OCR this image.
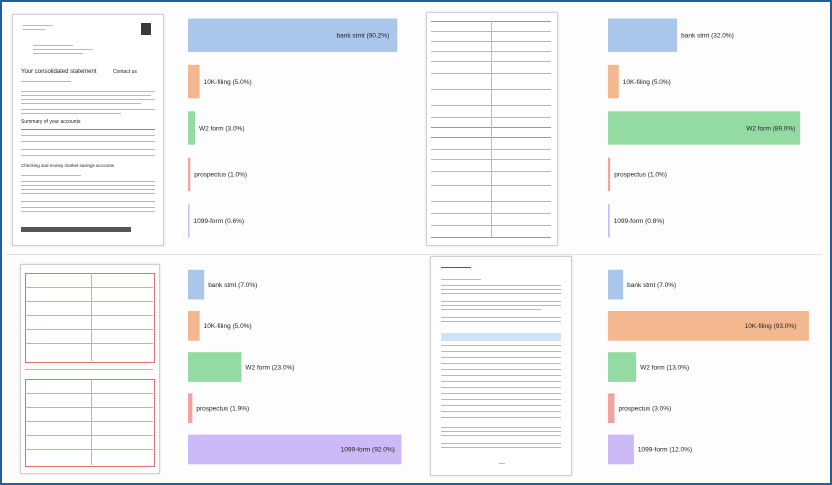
Your consolidated statement	Contact us
Summary of your accounts
Checking and money market savings accounts
bank stmt (90.2%)
10K-filing (5.0%)
W2 form (3.0%)
prospectus (1.0%)
1099-form (0.6%)
bank stmt (32.0%)
10K-filing (5.0%)
W2 form (89.0%)
prospectus (1.0%)
1099-form (0.8%)
bank stmt (7.0%)
10K-filing (5.0%)
W2 form (23.0%)
prospectus (1.9%)
1099-form (92.0%)
bank stmt (7.0%)
10K-filing (93.0%)
W2 form (13.0%)
prospectus (3.0%)
1099-form (12.0%)
